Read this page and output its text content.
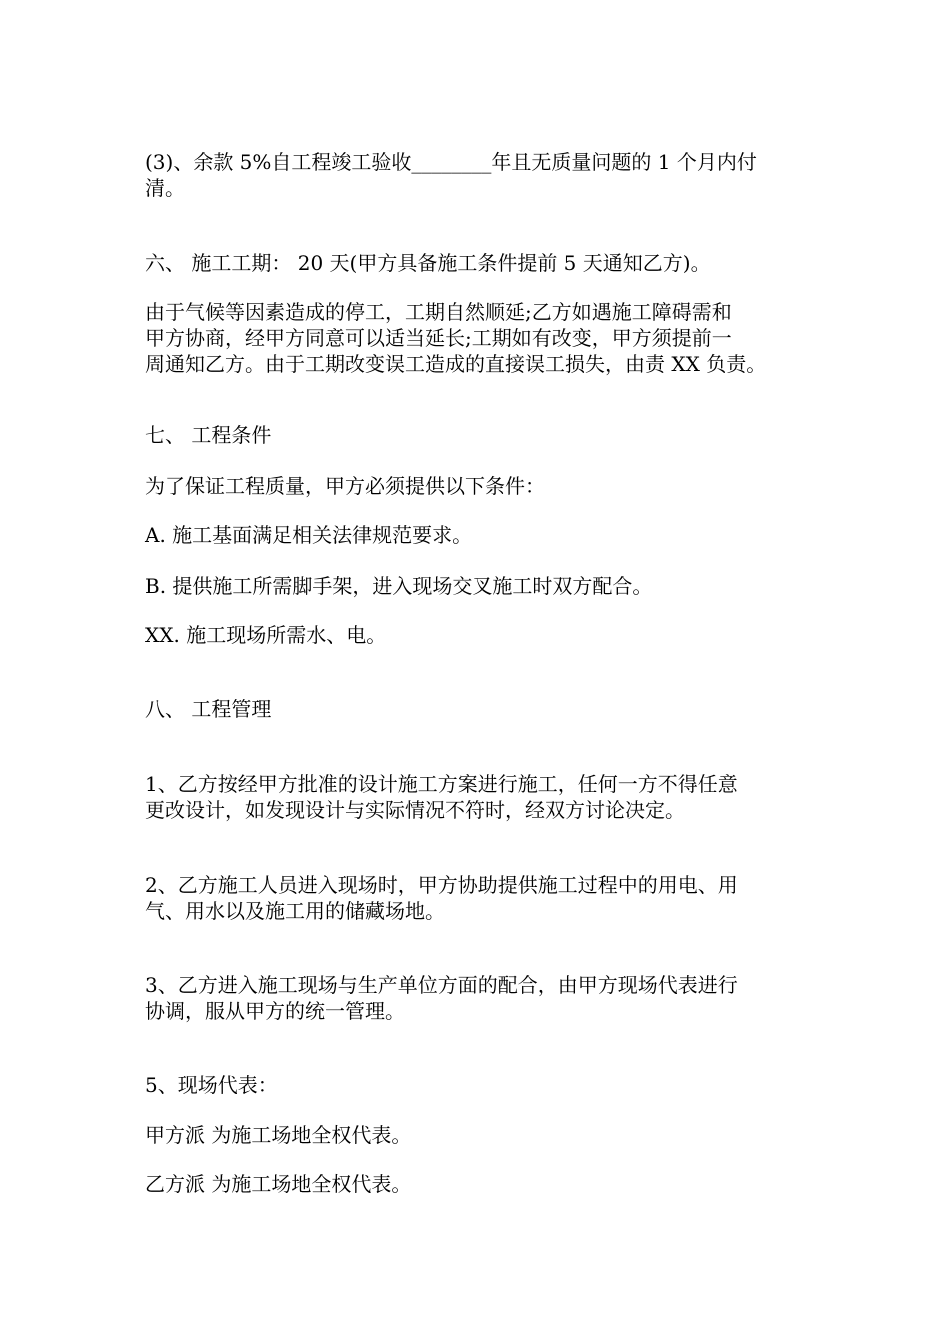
(3)、余款 5%自工程竣工验收________年且无质量问题的 1 个月内付
清。
六、 施工工期： 20 天(甲方具备施工条件提前 5 天通知乙方)。
由于气候等因素造成的停工，工期自然顺延;乙方如遇施工障碍需和
甲方协商，经甲方同意可以适当延长;工期如有改变，甲方须提前一
周通知乙方。由于工期改变误工造成的直接误工损失，由责 XX 负责。
七、 工程条件
为了保证工程质量，甲方必须提供以下条件：
A. 施工基面满足相关法律规范要求。
B. 提供施工所需脚手架，进入现场交叉施工时双方配合。
XX. 施工现场所需水、电。
八、 工程管理
1、乙方按经甲方批准的设计施工方案进行施工，任何一方不得任意
更改设计，如发现设计与实际情况不符时，经双方讨论决定。
2、乙方施工人员进入现场时，甲方协助提供施工过程中的用电、用
气、用水以及施工用的储藏场地。
3、乙方进入施工现场与生产单位方面的配合，由甲方现场代表进行
协调，服从甲方的统一管理。
5、现场代表：
甲方派 为施工场地全权代表。
乙方派 为施工场地全权代表。
